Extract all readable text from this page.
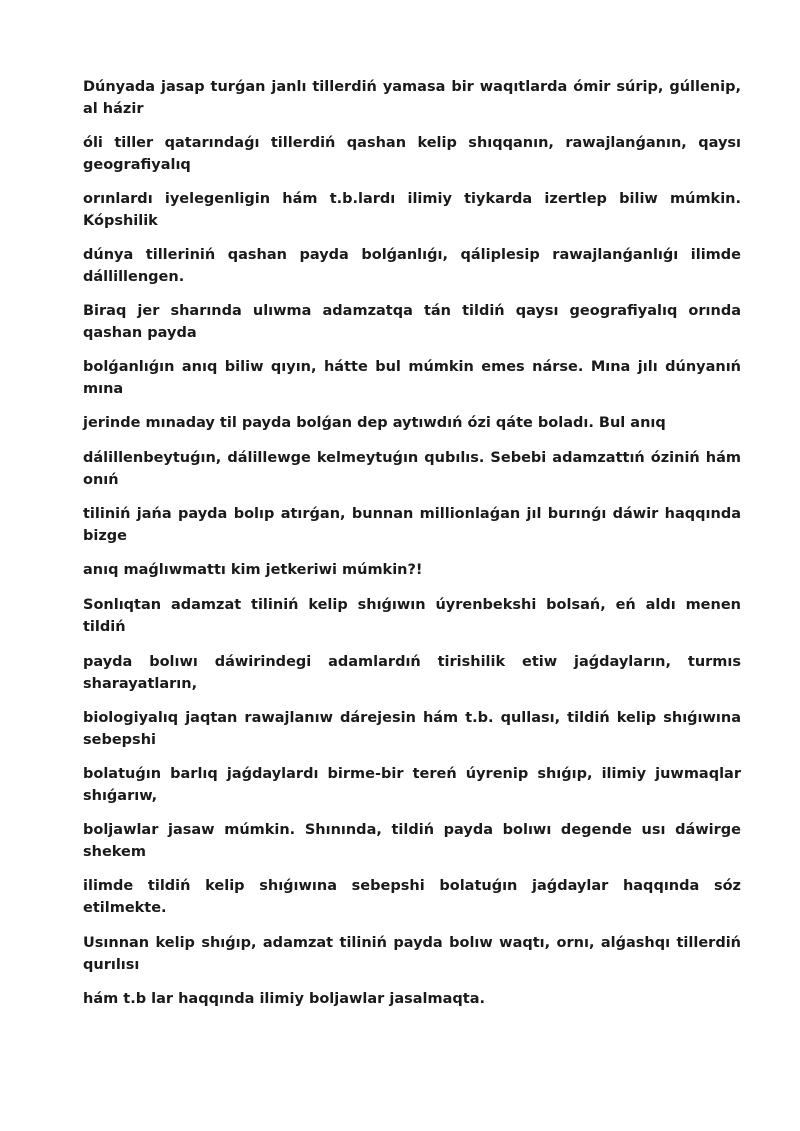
Dúnyada jasap turǵan janlı tillerdiń yamasa bir waqıtlarda ómir súrip, gúllenip, al házir

óli tiller qatarındaǵı tillerdiń qashan kelip shıqqanın, rawajlanǵanın, qaysı geografiyalıq

orınlardı iyelegenligin hám t.b.lardı ilimiy tiykarda izertlep biliw múmkin. Kópshilik

dúnya tilleriniń qashan payda bolǵanlıǵı, qáliplesip rawajlanǵanlıǵı ilimde dállillengen.

Biraq jer sharında ulıwma adamzatqa tán tildiń qaysı geografiyalıq orında qashan payda

bolǵanlıǵın anıq biliw qıyın, hátte bul múmkin emes nárse. Mına jılı dúnyanıń mına

jerinde mınaday til payda bolǵan dep aytıwdıń ózi qáte boladı. Bul anıq

dálillenbeytuǵın, dálillewge kelmeytuǵın qubılıs. Sebebi adamzattıń óziniń hám onıń

tiliniń jańa payda bolıp atırǵan, bunnan millionlaǵan jıl burınǵı dáwir haqqında bizge

anıq maǵlıwmattı kim jetkeriwi múmkin?!

Sonlıqtan adamzat tiliniń kelip shıǵıwın úyrenbekshi bolsań, eń aldı menen tildiń

payda bolıwı dáwirindegi adamlardıń tirishilik etiw jaǵdayların, turmıs sharayatların,

biologiyalıq jaqtan rawajlanıw dárejesin hám t.b. qullası, tildiń kelip shıǵıwına sebepshi

bolatuǵın barlıq jaǵdaylardı birme-bir tereń úyrenip shıǵıp, ilimiy juwmaqlar shıǵarıw,

boljawlar jasaw múmkin. Shınında, tildiń payda bolıwı degende usı dáwirge shekem

ilimde tildiń kelip shıǵıwına sebepshi bolatuǵın jaǵdaylar haqqında sóz etilmekte.

Usınnan kelip shıǵıp, adamzat tiliniń payda bolıw waqtı, ornı, alǵashqı tillerdiń qurılısı

hám t.b lar haqqında ilimiy boljawlar jasalmaqta.
